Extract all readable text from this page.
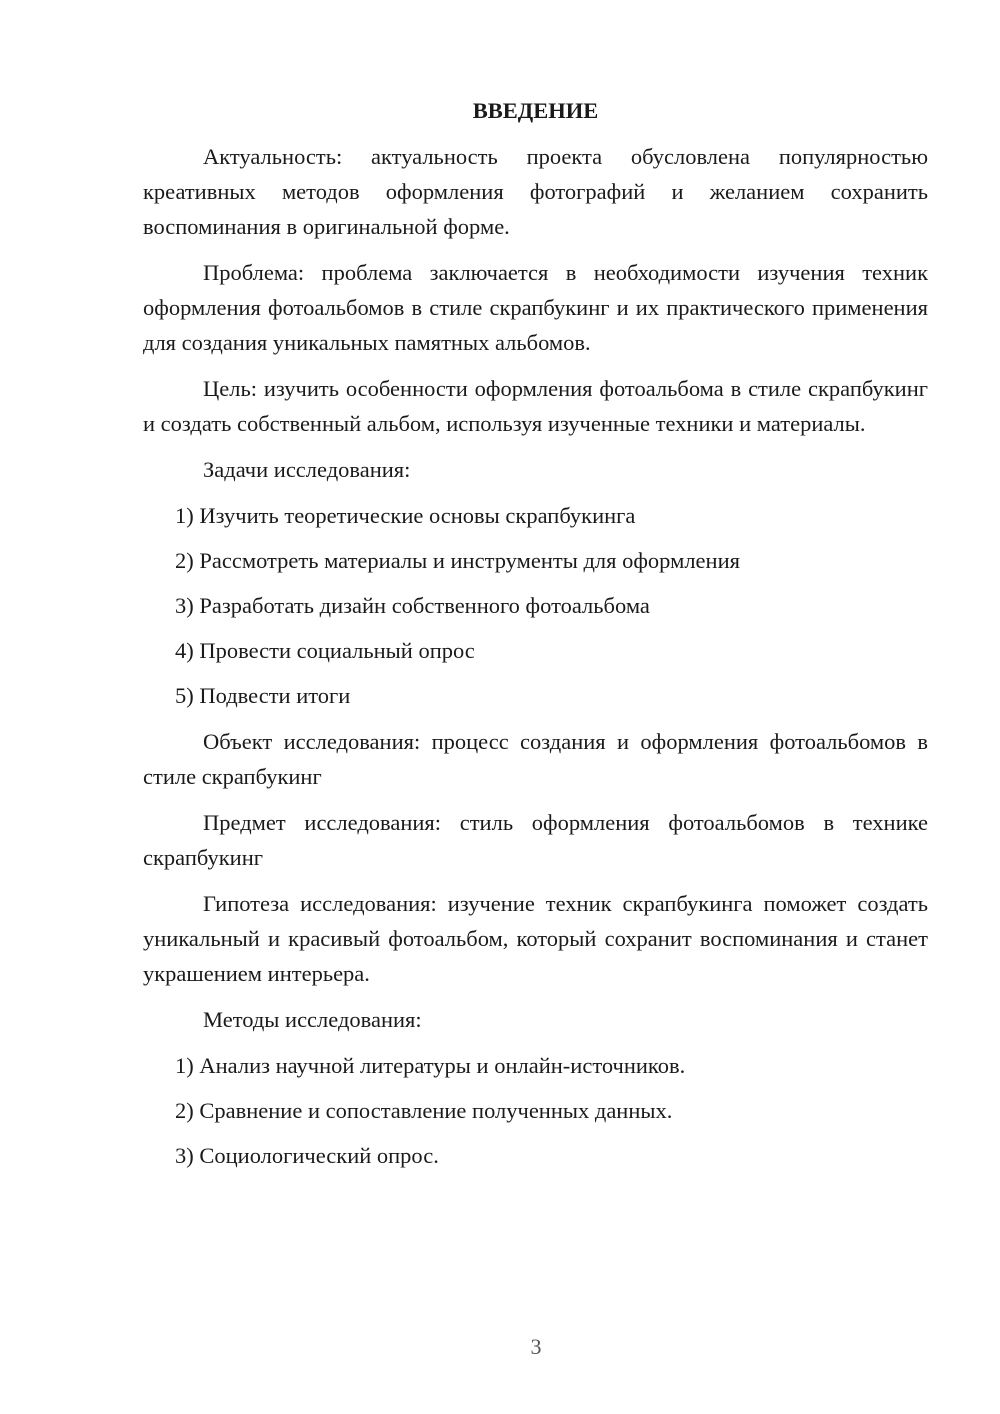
ВВЕДЕНИЕ

Актуальность: актуальность проекта обусловлена популярностью креативных методов оформления фотографий и желанием сохранить воспоминания в оригинальной форме.

Проблема: проблема заключается в необходимости изучения техник оформления фотоальбомов в стиле скрапбукинг и их практического применения для создания уникальных памятных альбомов.

Цель: изучить особенности оформления фотоальбома в стиле скрапбукинг и создать собственный альбом, используя изученные техники и материалы.

Задачи исследования:

1) Изучить теоретические основы скрапбукинга
2) Рассмотреть материалы и инструменты для оформления
3) Разработать дизайн собственного фотоальбома
4) Провести социальный опрос
5) Подвести итоги

Объект исследования: процесс создания и оформления фотоальбомов в стиле скрапбукинг

Предмет исследования: стиль оформления фотоальбомов в технике скрапбукинг

Гипотеза исследования: изучение техник скрапбукинга поможет создать уникальный и красивый фотоальбом, который сохранит воспоминания и станет украшением интерьера.

Методы исследования:

1) Анализ научной литературы и онлайн-источников.
2) Сравнение и сопоставление полученных данных.
3) Социологический опрос.
3
